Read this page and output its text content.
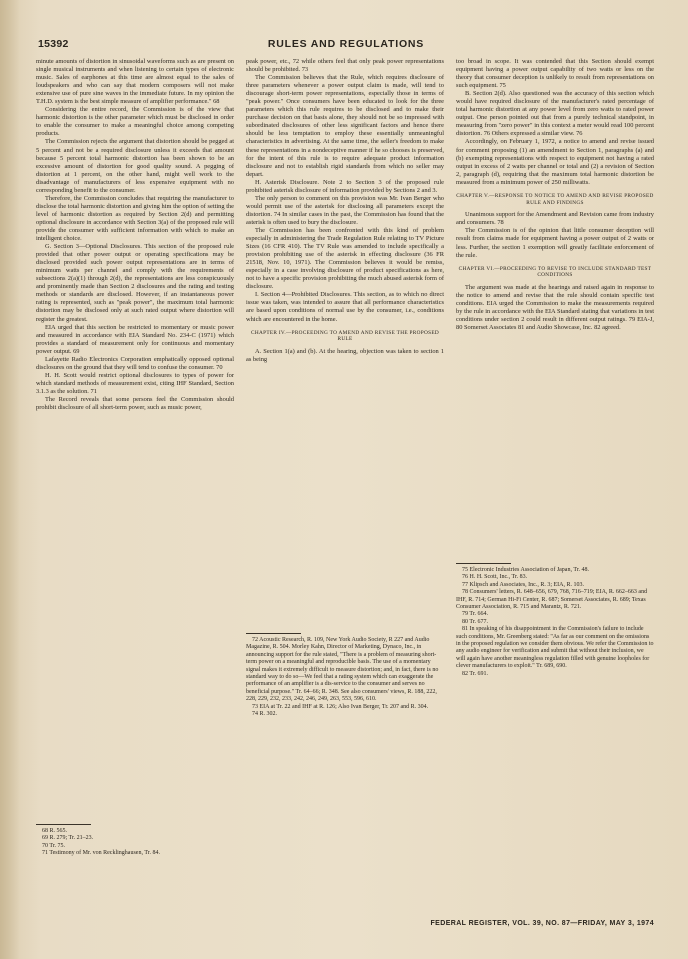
15392	RULES AND REGULATIONS

minute amounts of distortion in sinusoidal waveforms such as are present on single musical instruments and when listening to certain types of electronic music. Sales of earphones at this time are almost equal to the sales of loudspeakers and who can say that modern composers will not make extensive use of pure sine waves in the immediate future. In my opinion the T.H.D. system is the best simple measure of amplifier performance." 68

Considering the entire record, the Commission is of the view that harmonic distortion is the other parameter which must be disclosed in order to enable the consumer to make a meaningful choice among competing products.

The Commission rejects the argument that distortion should be pegged at 5 percent and not be a required disclosure unless it exceeds that amount because 5 percent total harmonic distortion has been shown to be an excessive amount of distortion for good quality sound. A pegging of distortion at 1 percent, on the other hand, might well work to the disadvantage of manufacturers of less expensive equipment with no corresponding benefit to the consumer.

Therefore, the Commission concludes that requiring the manufacturer to disclose the total harmonic distortion and giving him the option of setting the level of harmonic distortion as required by Section 2(d) and permitting optional disclosure in accordance with Section 3(a) of the proposed rule will provide the consumer with sufficient information with which to make an intelligent choice.

G. Section 3—Optional Disclosures. This section of the proposed rule provided that other power output or operating specifications may be disclosed provided such power output representations are in terms of minimum watts per channel and comply with the requirements of subsections 2(a)(1) through 2(d), the representations are less conspicuously and prominently made than Section 2 disclosures and the rating and testing methods or standards are disclosed. However, if an instantaneous power rating is represented, such as "peak power", the maximum total harmonic distortion may be disclosed only at such rated output where distortion will register the greatest.

EIA urged that this section be restricted to momentary or music power and measured in accordance with EIA Standard No. 234-C (1971) which provides a standard of measurement only for continuous and momentary power output. 69

Lafayette Radio Electronics Corporation emphatically opposed optional disclosures on the ground that they will tend to confuse the consumer. 70

H. H. Scott would restrict optional disclosures to types of power for which standard methods of measurement exist, citing IHF Standard, Section 3.1.3 as the solution. 71

The Record reveals that some persons feel the Commission should prohibit disclosure of all short-term power, such as music power,

68 R. 565.

69 R. 279; Tr. 21–23.

70 Tr. 75.

71 Testimony of Mr. von Recklinghausen, Tr. 84.

peak power, etc., 72 while others feel that only peak power representations should be prohibited. 73

The Commission believes that the Rule, which requires disclosure of three parameters whenever a power output claim is made, will tend to discourage short-term power representations, especially those in terms of "peak power." Once consumers have been educated to look for the three parameters which this rule requires to be disclosed and to make their purchase decision on that basis alone, they should not be so impressed with subordinated disclosures of other less significant factors and hence there should be less temptation to employ these essentially unmeaningful characteristics in advertising. At the same time, the seller's freedom to make these representations in a nondeceptive manner if he so chooses is preserved, for the intent of this rule is to require adequate product information disclosure and not to establish rigid standards from which no seller may depart.

H. Asterisk Disclosure. Note 2 to Section 3 of the proposed rule prohibited asterisk disclosure of information provided by Sections 2 and 3.

The only person to comment on this provision was Mr. Ivan Berger who would permit use of the asterisk for disclosing all parameters except the distortion. 74 In similar cases in the past, the Commission has found that the asterisk is often used to bury the disclosure.

The Commission has been confronted with this kind of problem especially in administering the Trade Regulation Rule relating to TV Picture Sizes (16 CFR 410). The TV Rule was amended to include specifically a provision prohibiting use of the asterisk in effecting disclosure (36 FR 21518, Nov. 10, 1971). The Commission believes it would be remiss, especially in a case involving disclosure of product specifications as here, not to have a specific provision prohibiting the much abused asterisk form of disclosure.

I. Section 4—Prohibited Disclosures. This section, as to which no direct issue was taken, was intended to assure that all performance characteristics are based upon conditions of normal use by the consumer, i.e., conditions which are encountered in the home.

CHAPTER IV.—PROCEEDING TO AMEND AND REVISE THE PROPOSED RULE

A. Section 1(a) and (b). At the hearing, objection was taken to section 1 as being

72 Acoustic Research, R. 109, New York Audio Society, R 227 and Audio Magazine, R. 504. Morley Kahn, Director of Marketing, Dynaco, Inc., in announcing support for the rule stated, "There is a problem of measuring short-term power on a meaningful and reproducible basis. The use of a momentary signal makes it extremely difficult to measure distortion; and, in fact, there is no standard way to do so—We feel that a rating system which can exaggerate the performance of an amplifier is a dis-service to the consumer and serves no beneficial purpose." Tr. 64–66; R. 348. See also consumers' views, R. 188, 222, 228, 229, 232, 233, 242, 246, 249, 263, 553, 596, 610.

73 EIA at Tr. 22 and IHF at R. 126; Also Ivan Berger, Tr. 207 and R. 304.

74 R. 302.

too broad in scope. It was contended that this Section should exempt equipment having a power output capability of two watts or less on the theory that consumer deception is unlikely to result from representations on such equipment. 75

B. Section 2(d). Also questioned was the accuracy of this section which would have required disclosure of the manufacturer's rated percentage of total harmonic distortion at any power level from zero watts to rated power output. One person pointed out that from a purely technical standpoint, in measuring from "zero power" in this context a meter would read 100 percent distortion. 76 Others expressed a similar view. 76

Accordingly, on February 1, 1972, a notice to amend and revise issued for comment proposing (1) an amendment to Section 1, paragraphs (a) and (b) exempting representations with respect to equipment not having a rated output in excess of 2 watts per channel or total and (2) a revision of Section 2, paragraph (d), requiring that the maximum total harmonic distortion be measured from a minimum power of 250 milliwatts.

CHAPTER V.—RESPONSE TO NOTICE TO AMEND AND REVISE PROPOSED RULE AND FINDINGS

Unanimous support for the Amendment and Revision came from industry and consumers. 78

The Commission is of the opinion that little consumer deception will result from claims made for equipment having a power output of 2 watts or less. Further, the section 1 exemption will greatly facilitate enforcement of the rule.

CHAPTER VI.—PROCEEDING TO REVISE TO INCLUDE STANDARD TEST CONDITIONS

The argument was made at the hearings and raised again in response to the notice to amend and revise that the rule should contain specific test conditions. EIA urged the Commission to make the measurements required by the rule in accordance with the EIA Standard stating that variations in test conditions under section 2 could result in different output ratings. 79 EIA-J, 80 Somerset Associates 81 and Audio Showcase, Inc. 82 agreed.

75 Electronic Industries Association of Japan, Tr. 48.

76 H. H. Scott, Inc., Tr. 83.

77 Klipsch and Associates, Inc., R. 3; EIA, R. 103.

78 Consumers' letters, R. 648–656, 679, 768, 716–719; EIA, R. 662–663 and IHF, R. 714; German Hi-Fi Center, R. 687; Somerset Associates, R. 689; Texas Consumer Association, R. 715 and Marantz, R. 721.

79 Tr. 664.

80 Tr. 677.

81 In speaking of his disappointment in the Commission's failure to include such conditions, Mr. Greenberg stated: "As far as our comment on the omissions in the proposed regulation we consider them obvious. We refer the Commission to any audio engineer for verification and submit that without their inclusion, we will again have another meaningless regulation filled with genuine loopholes for clever manufacturers to exploit." Tr. 689, 690.

82 Tr. 691.

FEDERAL REGISTER, VOL. 39, NO. 87—FRIDAY, MAY 3, 1974
